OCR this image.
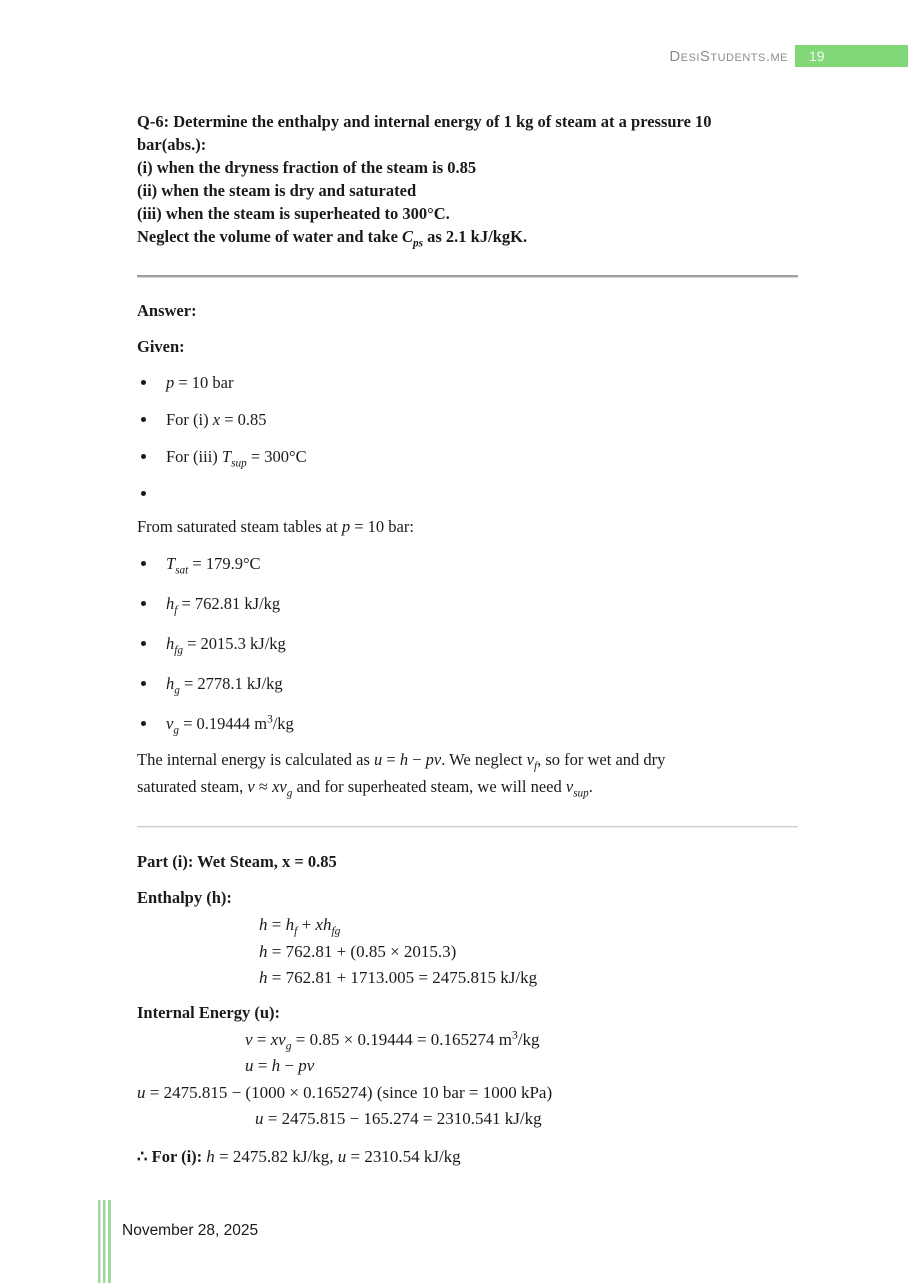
DesiStudents.me	19

Q-6: Determine the enthalpy and internal energy of 1 kg of steam at a pressure 10
bar(abs.):
(i) when the dryness fraction of the steam is 0.85
(ii) when the steam is dry and saturated
(iii) when the steam is superheated to 300°C.
Neglect the volume of water and take $C_{ps}$ as 2.1 kJ/kgK.

Answer:

Given:

p = 10 bar
For (i) x = 0.85
For (iii) $T_{sup} = 300^\circ C$

From saturated steam tables at p = 10 bar:

$T_{sat} = 179.9^\circ C$
$h_f = 762.81$ kJ/kg
$h_{fg} = 2015.3$ kJ/kg
$h_g = 2778.1$ kJ/kg
$v_g = 0.19444$ $m^3/kg$

The internal energy is calculated as u = h − pv. We neglect $v_f$, so for wet and dry
saturated steam, $v \approx xv_g$ and for superheated steam, we will need $v_{sup}$.

Part (i): Wet Steam, x = 0.85

Enthalpy (h):

$h = h_f + xh_{fg}$

h = 762.81 + (0.85 × 2015.3)

h = 762.81 + 1713.005 = 2475.815 kJ/kg

Internal Energy (u):

$v = xv_g = 0.85 \times 0.19444 = 0.165274$ $m^3/kg$

u = h − pv

u = 2475.815 − (1000 × 0.165274) (since 10 bar = 1000 kPa)

u = 2475.815 − 165.274 = 2310.541 kJ/kg

∴ For (i): h = 2475.82 kJ/kg, u = 2310.54 kJ/kg

November 28, 2025
